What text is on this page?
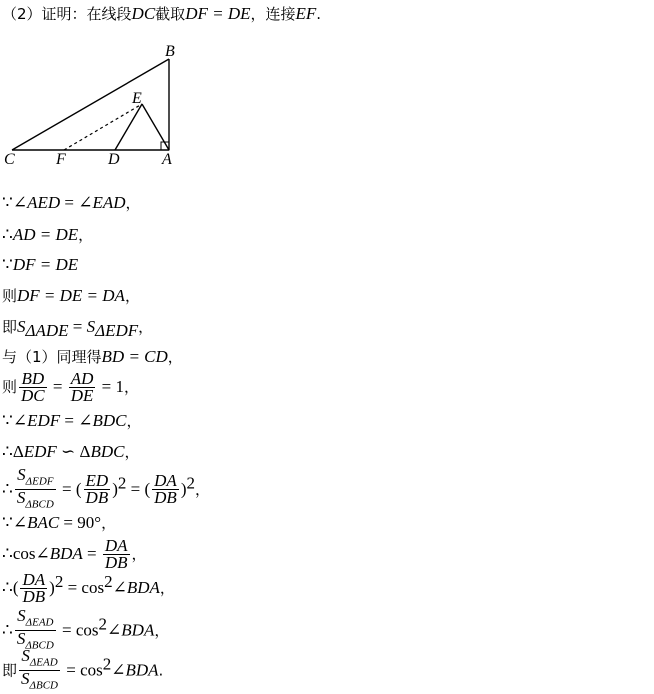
（2）证明：在线段DC截取DF = DE，连接EF.
B
E
C	F	D	A
∵∠AED = ∠EAD，
∴AD = DE，
∵DF = DE
则DF = DE = DA，
即$S_{\Delta ADE} = S_{\Delta EDF}$，
与（1）同理得BD = CD，
则 $\frac{BD}{DC} = \frac{AD}{DE} = 1$，
∵∠EDF = ∠BDC，
∴ΔEDF ∽ ΔBDC，
∴ $\frac{S_{\Delta EDF}}{S_{\Delta BCD}}$ = ( $\frac{ED}{DB} )^2$ = ( $\frac{DA}{DB} )^2$，
∵∠BAC = 90°，
∴cos∠BDA = $\frac{DA}{DB}$ ，
∴( $\frac{DA}{DB} )^2$ = $\cos^2\angle BDA$，
∴ $\frac{S_{\Delta EAD}}{S_{\Delta BCD}}$ = $\cos^2\angle BDA$，
即 $\frac{S_{\Delta EAD}}{S_{\Delta BCD}}$ = $\cos^2\angle BDA$.
